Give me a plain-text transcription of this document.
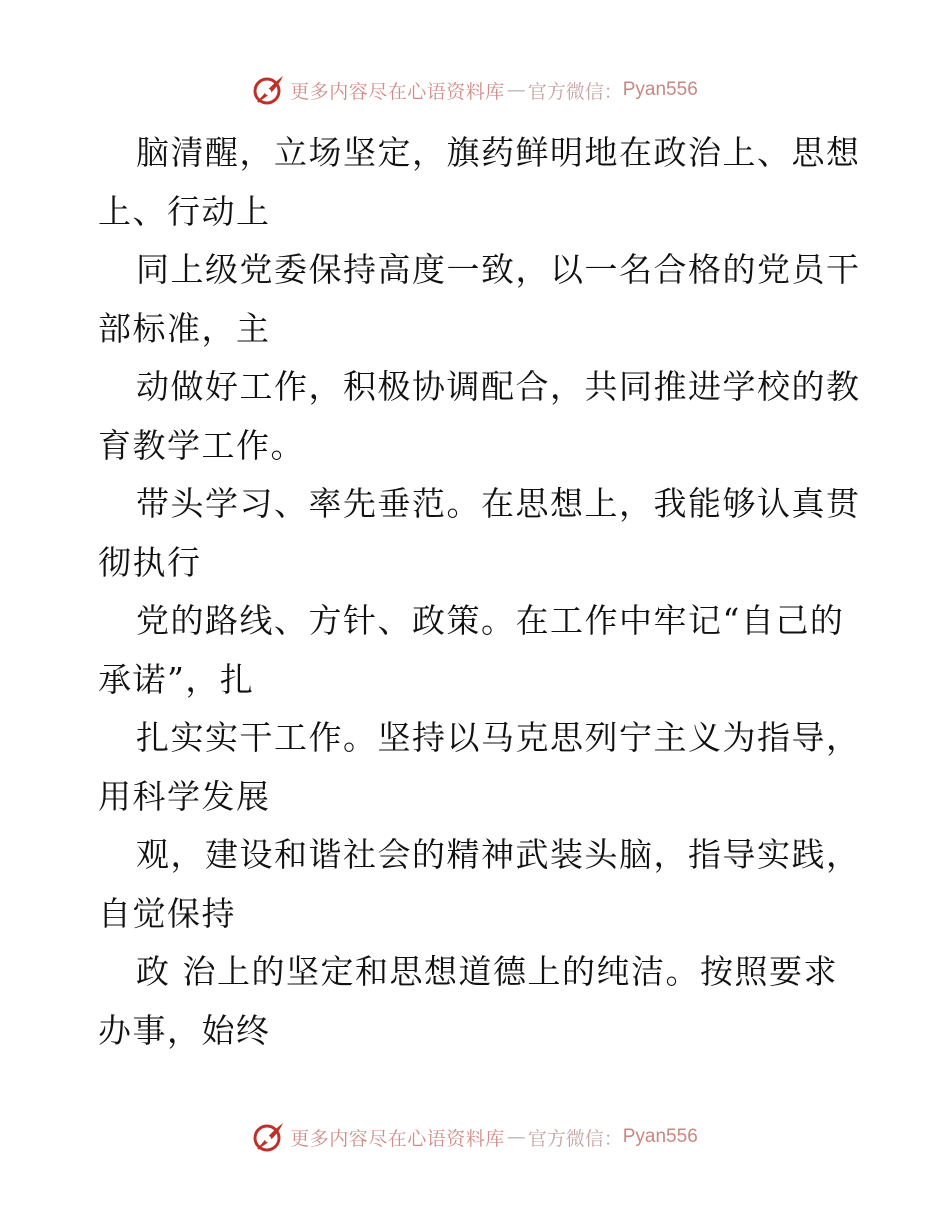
更多内容尽在心语资料库 — 官方微信： Pyan556
脑清醒，立场坚定，旗药鲜明地在政治上、思想
上、行动上
同上级党委保持高度一致，以一名合格的党员干
部标准，主
动做好工作，积极协调配合，共同推进学校的教
育教学工作。
带头学习、率先垂范。在思想上，我能够认真贯
彻执行
党的路线、方针、政策。在工作中牢记“自己的
承诺”，扎
扎实实干工作。坚持以马克思列宁主义为指导，
用科学发展
观，建设和谐社会的精神武装头脑，指导实践，
自觉保持
政 治上的坚定和思想道德上的纯洁。按照要求
办事，始终
更多内容尽在心语资料库 — 官方微信： Pyan556
